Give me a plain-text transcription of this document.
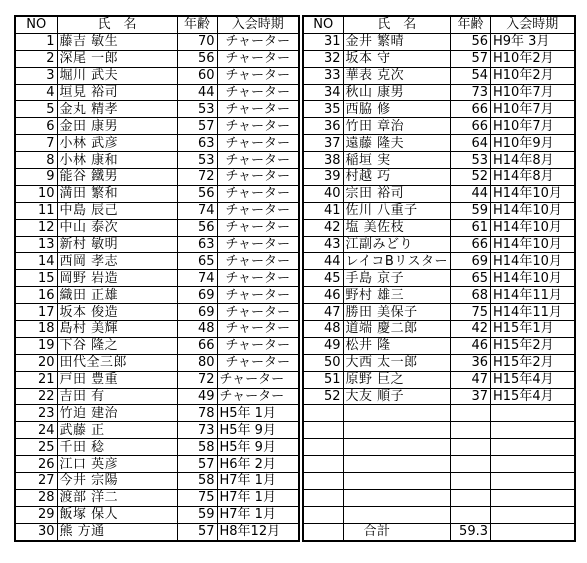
NO	氏　名	年齢	入会時期
1	藤吉 敏生	70	チャーター
2	深尾 一郎	56	チャーター
3	堀川 武夫	60	チャーター
4	垣見 裕司	44	チャーター
5	金丸 精孝	53	チャーター
6	金田 康男	57	チャーター
7	小林 武彦	63	チャーター
8	小林 康和	53	チャーター
9	能谷 鐵男	72	チャーター
10	満田 繁和	56	チャーター
11	中島 辰己	74	チャーター
12	中山 泰次	56	チャーター
13	新村 敏明	63	チャーター
14	西岡 孝志	65	チャーター
15	岡野 岩造	74	チャーター
16	織田 正雄	69	チャーター
17	坂本 俊造	69	チャーター
18	島村 美輝	48	チャーター
19	下谷 隆之	66	チャーター
20	田代全三郎	80	チャーター
21	戸田 豊重	72	チャーター
22	吉田 有	49	チャーター
23	竹迫 建治	78	H5年 1月
24	武藤 正	73	H5年 9月
25	千田 稔	58	H5年 9月
26	江口 英彦	57	H6年 2月
27	今井 宗陽	58	H7年 1月
28	渡部 洋二	75	H7年 1月
29	飯塚 保人	59	H7年 1月
30	熊 方通	57	H8年12月
NO	氏　名	年齢	入会時期
31	金井 繁晴	56	H9年 3月
32	坂本 守	57	H10年2月
33	華表 克次	54	H10年2月
34	秋山 康男	73	H10年7月
35	西脇 修	66	H10年7月
36	竹田 章治	66	H10年7月
37	遠藤 隆夫	64	H10年9月
38	稲垣 実	53	H14年8月
39	村越 巧	52	H14年8月
40	宗田 裕司	44	H14年10月
41	佐川 八重子	59	H14年10月
42	塩 美佐枝	61	H14年10月
43	江副みどり	66	H14年10月
44	レイコBリスター	69	H14年10月
45	手島 京子	65	H14年10月
46	野村 雄三	68	H14年11月
47	勝田 美保子	75	H14年11月
48	道端 慶二郎	42	H15年1月
49	松井 隆	46	H15年2月
50	大西 太一郎	36	H15年2月
51	原野 巨之	47	H15年4月
52	大友 順子	37	H15年4月

	合計	59.3	
